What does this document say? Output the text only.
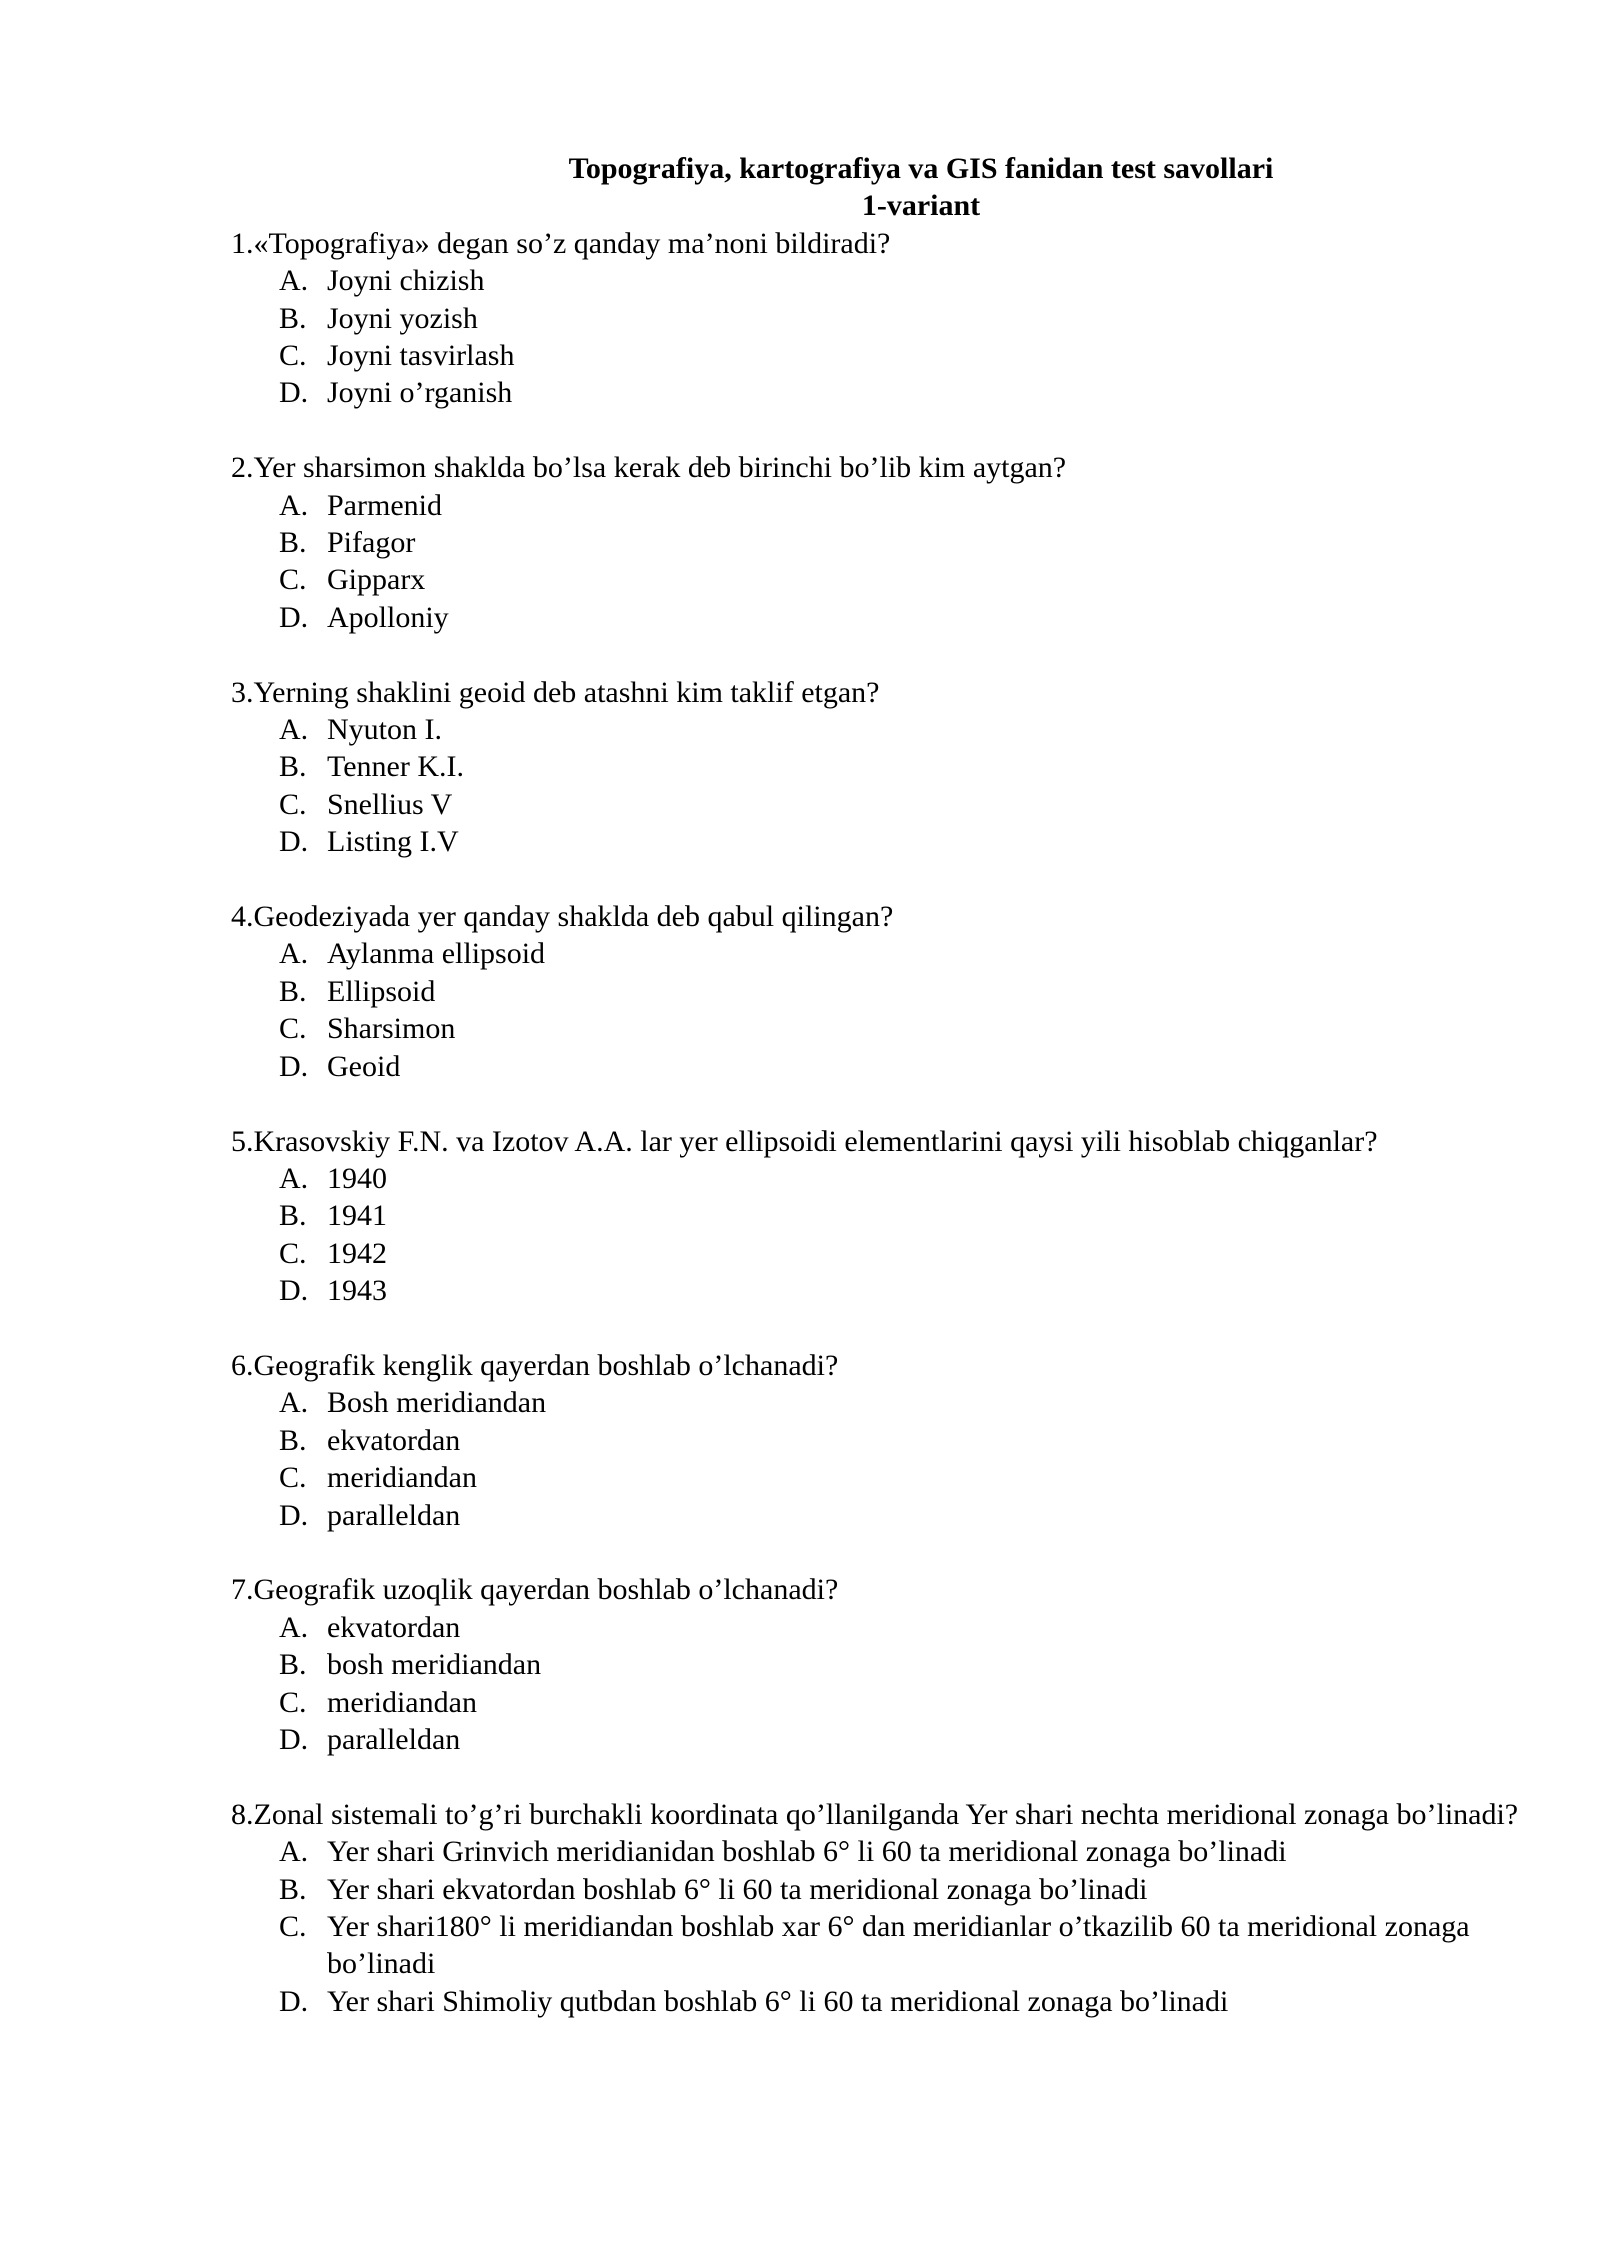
Topografiya, kartografiya va GIS fanidan test savollari
1-variant

1.«Topografiya» degan so’z qanday ma’noni bildiradi?

A. Joyni chizish
B. Joyni yozish
C. Joyni tasvirlash
D. Joyni o’rganish

2.Yer sharsimon shaklda bo’lsa kerak deb birinchi bo’lib kim aytgan?

A. Parmenid
B. Pifagor
C. Gipparx
D. Apolloniy

3.Yerning shaklini geoid deb atashni kim taklif etgan?

A. Nyuton I.
B. Tenner K.I.
C. Snellius V
D. Listing I.V

4.Geodeziyada yer qanday shaklda deb qabul qilingan?

A. Aylanma ellipsoid
B. Ellipsoid
C. Sharsimon
D. Geoid

5.Krasovskiy F.N. va Izotov A.A. lar yer ellipsoidi elementlarini qaysi yili hisoblab chiqganlar?

A. 1940
B. 1941
C. 1942
D. 1943

6.Geografik kenglik qayerdan boshlab o’lchanadi?

A. Bosh meridiandan
B. ekvatordan
C. meridiandan
D. paralleldan

7.Geografik uzoqlik qayerdan boshlab o’lchanadi?

A. ekvatordan
B. bosh meridiandan
C. meridiandan
D. paralleldan

8.Zonal sistemali to’g’ri burchakli koordinata qo’llanilganda Yer shari nechta meridional zonaga bo’linadi?

A. Yer shari Grinvich meridianidan boshlab 6° li 60 ta meridional zonaga bo’linadi
B. Yer shari ekvatordan boshlab 6° li 60 ta meridional zonaga bo’linadi
C. Yer shari180° li meridiandan boshlab xar 6° dan meridianlar o’tkazilib 60 ta meridional zonaga bo’linadi
D. Yer shari Shimoliy qutbdan boshlab 6° li 60 ta meridional zonaga bo’linadi
